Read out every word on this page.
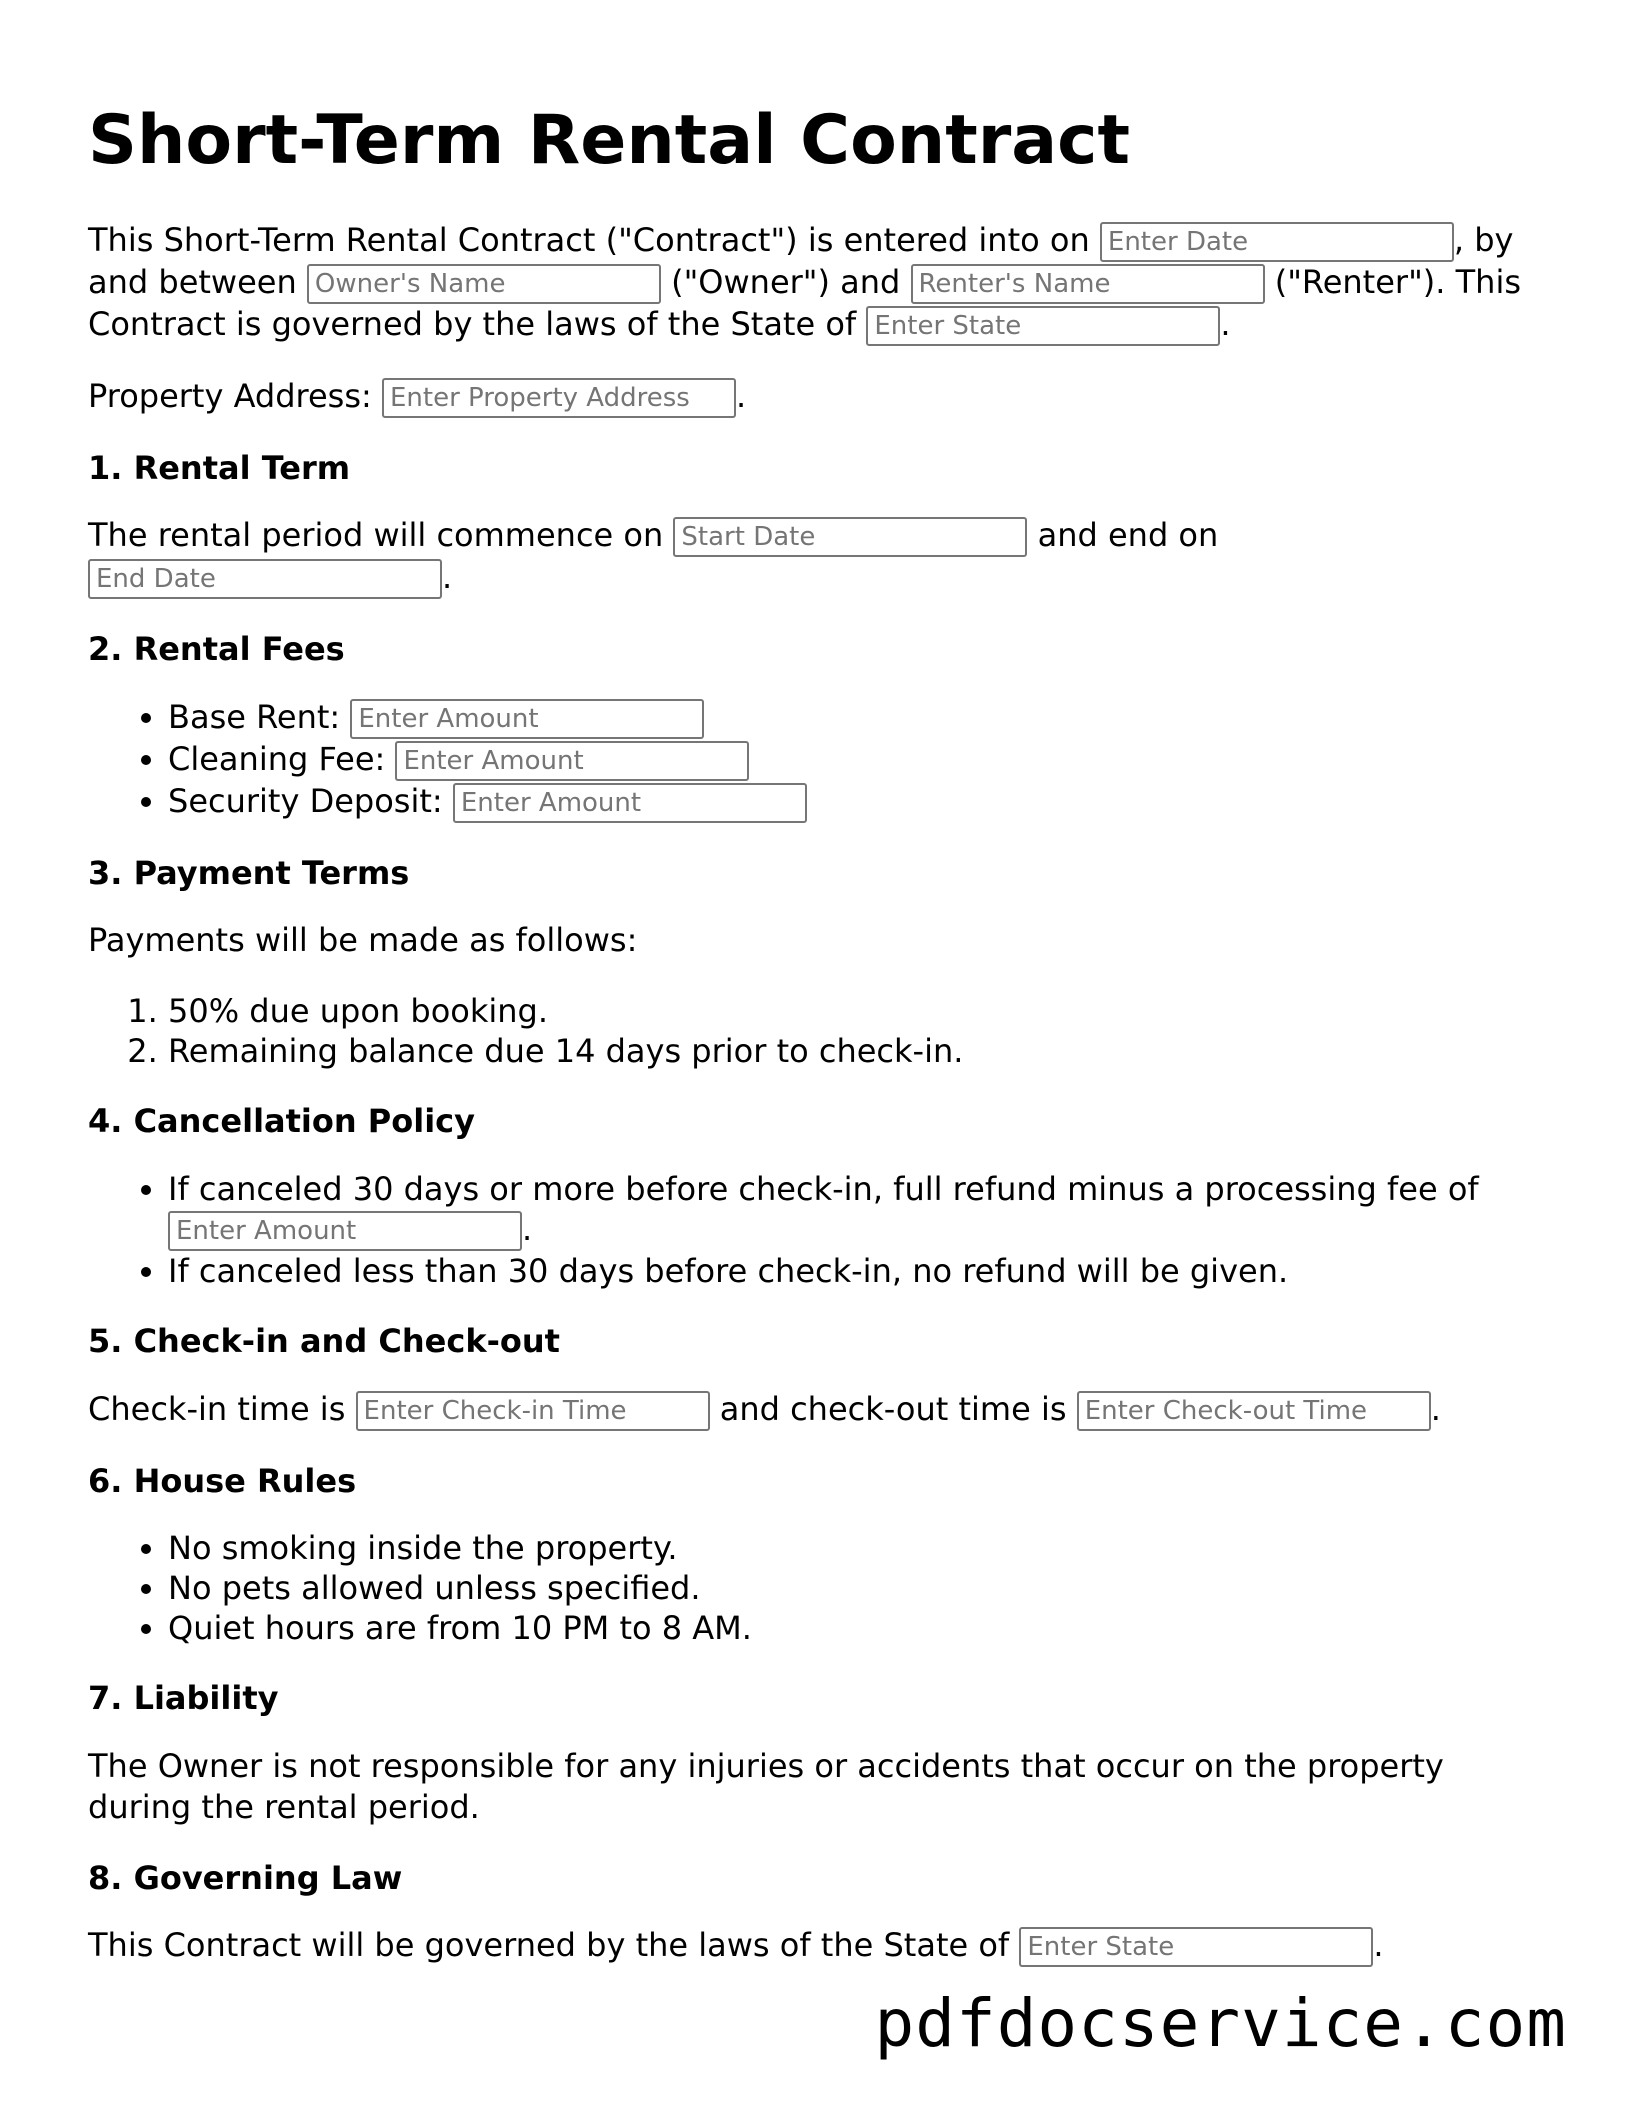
Short-Term Rental Contract

This Short-Term Rental Contract ("Contract") is entered into on Enter Date	, by and between Owner's Name	("Owner") and Renter's Name	("Renter"). This Contract is governed by the laws of the State of Enter State	.

Property Address: Enter Property Address	.

1. Rental Term

The rental period will commence on Start Date	and end on End Date.

2. Rental Fees
• Base Rent: Enter Amount
• Cleaning Fee: Enter Amount
• Security Deposit: Enter Amount
3. Payment Terms

Payments will be made as follows:

1. 50% due upon booking.
2. Remaining balance due 14 days prior to check-in.
4. Cancellation Policy
• If canceled 30 days or more before check-in, full refund minus a processing fee of Enter Amount.
• If canceled less than 30 days before check-in, no refund will be given.
5. Check-in and Check-out

Check-in time is Enter Check-in Time	and check-out time is Enter Check-out Time	.

6. House Rules
• No smoking inside the property.
• No pets allowed unless specified.
• Quiet hours are from 10 PM to 8 AM.
7. Liability

The Owner is not responsible for any injuries or accidents that occur on the property during the rental period.

8. Governing Law

This Contract will be governed by the laws of the State of Enter State	.

pdfdocservice.com
